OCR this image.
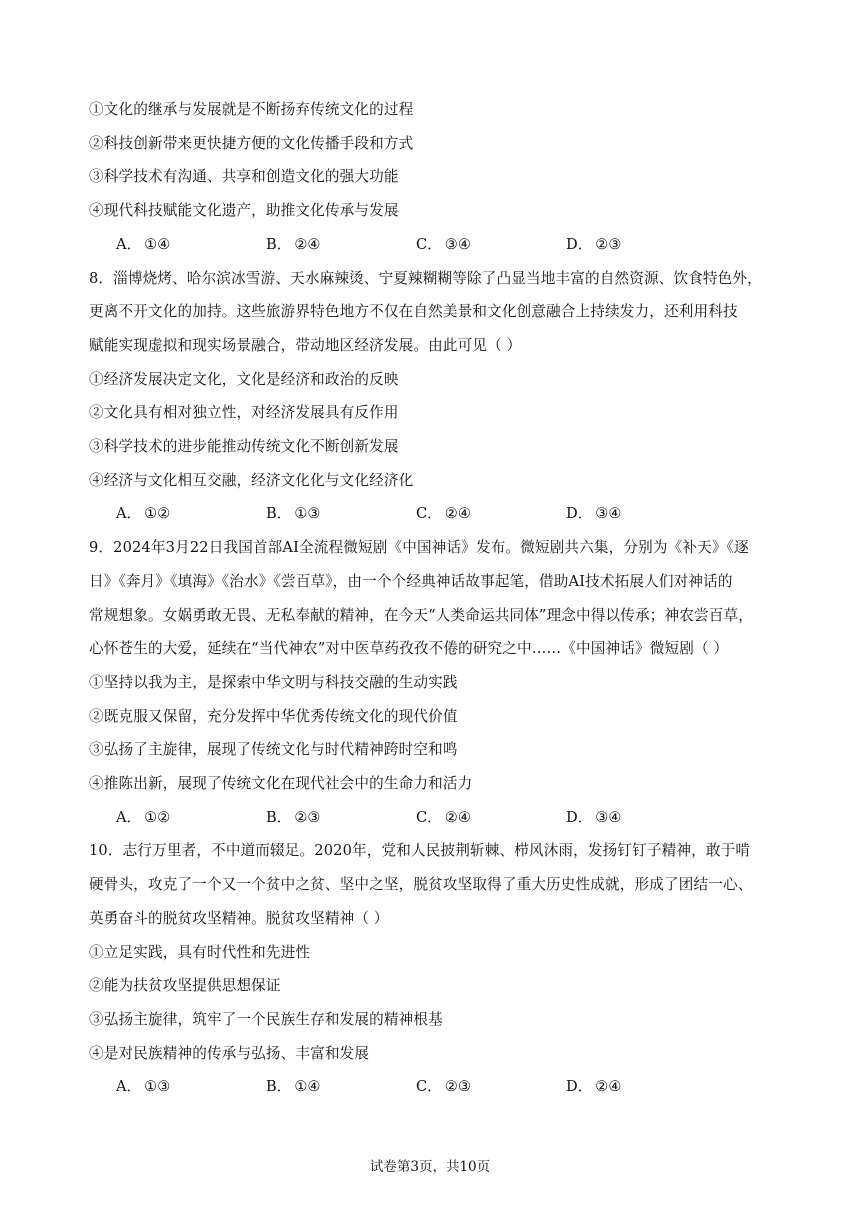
①文化的继承与发展就是不断扬弃传统文化的过程
②科技创新带来更快捷方便的文化传播手段和方式
③科学技术有沟通、共享和创造文化的强大功能
④现代科技赋能文化遗产，助推文化传承与发展
A． ①④	B． ②④	C． ③④	D． ②③
8．淄博烧烤、哈尔滨冰雪游、天水麻辣烫、宁夏辣糊糊等除了凸显当地丰富的自然资源、饮食特色外，
更离不开文化的加持。这些旅游界特色地方不仅在自然美景和文化创意融合上持续发力，还利用科技
赋能实现虚拟和现实场景融合，带动地区经济发展。由此可见（ ）
①经济发展决定文化，文化是经济和政治的反映
②文化具有相对独立性，对经济发展具有反作用
③科学技术的进步能推动传统文化不断创新发展
④经济与文化相互交融，经济文化化与文化经济化
A． ①②	B． ①③	C． ②④	D． ③④
9．2024年3月22日我国首部AI全流程微短剧《中国神话》发布。微短剧共六集，分别为《补天》《逐
日》《奔月》《填海》《治水》《尝百草》，由一个个经典神话故事起笔，借助AI技术拓展人们对神话的
常规想象。女娲勇敢无畏、无私奉献的精神，在今天“人类命运共同体”理念中得以传承；神农尝百草，
心怀苍生的大爱，延续在“当代神农”对中医草药孜孜不倦的研究之中……《中国神话》微短剧（ ）
①坚持以我为主，是探索中华文明与科技交融的生动实践
②既克服又保留，充分发挥中华优秀传统文化的现代价值
③弘扬了主旋律，展现了传统文化与时代精神跨时空和鸣
④推陈出新，展现了传统文化在现代社会中的生命力和活力
A． ①②	B． ②③	C． ②④	D． ③④
10．志行万里者，不中道而辍足。2020年，党和人民披荆斩棘、栉风沐雨，发扬钉钉子精神，敢于啃
硬骨头，攻克了一个又一个贫中之贫、坚中之坚，脱贫攻坚取得了重大历史性成就，形成了团结一心、
英勇奋斗的脱贫攻坚精神。脱贫攻坚精神（ ）
①立足实践，具有时代性和先进性
②能为扶贫攻坚提供思想保证
③弘扬主旋律，筑牢了一个民族生存和发展的精神根基
④是对民族精神的传承与弘扬、丰富和发展
A． ①③	B． ①④	C． ②③	D． ②④
试卷第3页，共10页
